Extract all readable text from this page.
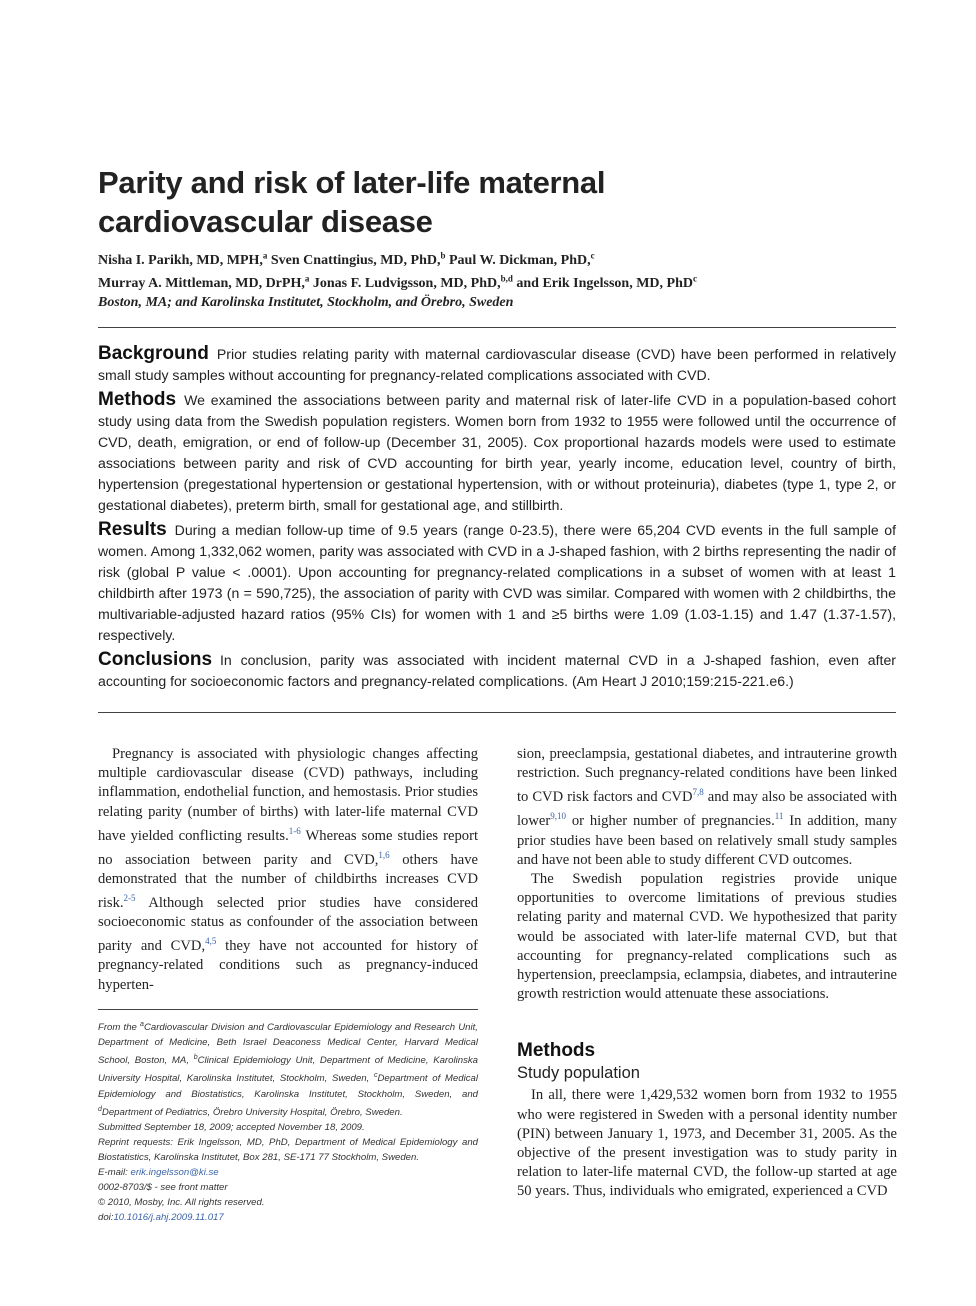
Parity and risk of later-life maternal cardiovascular disease
Nisha I. Parikh, MD, MPH,$^a$ Sven Cnattingius, MD, PhD,$^b$ Paul W. Dickman, PhD,$^c$
Murray A. Mittleman, MD, DrPH,$^a$ Jonas F. Ludvigsson, MD, PhD,$^{b,d}$ and Erik Ingelsson, MD, PhD$^c$
Boston, MA; and Karolinska Institutet, Stockholm, and Örebro, Sweden

Background Prior studies relating parity with maternal cardiovascular disease (CVD) have been performed in relatively small study samples without accounting for pregnancy-related complications associated with CVD.

Methods We examined the associations between parity and maternal risk of later-life CVD in a population-based cohort study using data from the Swedish population registers. Women born from 1932 to 1955 were followed until the occurrence of CVD, death, emigration, or end of follow-up (December 31, 2005). Cox proportional hazards models were used to estimate associations between parity and risk of CVD accounting for birth year, yearly income, education level, country of birth, hypertension (pregestational hypertension or gestational hypertension, with or without proteinuria), diabetes (type 1, type 2, or gestational diabetes), preterm birth, small for gestational age, and stillbirth.

Results During a median follow-up time of 9.5 years (range 0-23.5), there were 65,204 CVD events in the full sample of women. Among 1,332,062 women, parity was associated with CVD in a J-shaped fashion, with 2 births representing the nadir of risk (global P value < .0001). Upon accounting for pregnancy-related complications in a subset of women with at least 1 childbirth after 1973 (n = 590,725), the association of parity with CVD was similar. Compared with women with 2 childbirths, the multivariable-adjusted hazard ratios (95% CIs) for women with 1 and ≥5 births were 1.09 (1.03-1.15) and 1.47 (1.37-1.57), respectively.

Conclusions In conclusion, parity was associated with incident maternal CVD in a J-shaped fashion, even after accounting for socioeconomic factors and pregnancy-related complications. (Am Heart J 2010;159:215-221.e6.)

Pregnancy is associated with physiologic changes affecting multiple cardiovascular disease (CVD) pathways, including inflammation, endothelial function, and hemostasis. Prior studies relating parity (number of births) with later-life maternal CVD have yielded conflicting results.$^{1-6}$ Whereas some studies report no association between parity and CVD,$^{1,6}$ others have demonstrated that the number of childbirths increases CVD risk.$^{2-5}$ Although selected prior studies have considered socioeconomic status as confounder of the association between parity and CVD,$^{4,5}$ they have not accounted for history of pregnancy-related conditions such as pregnancy-induced hyperten-

sion, preeclampsia, gestational diabetes, and intrauterine growth restriction. Such pregnancy-related conditions have been linked to CVD risk factors and CVD$^{7,8}$ and may also be associated with lower$^{9,10}$ or higher number of pregnancies.$^{11}$ In addition, many prior studies have been based on relatively small study samples and have not been able to study different CVD outcomes.

The Swedish population registries provide unique opportunities to overcome limitations of previous studies relating parity and maternal CVD. We hypothesized that parity would be associated with later-life maternal CVD, but that accounting for pregnancy-related complications such as hypertension, preeclampsia, eclampsia, diabetes, and intrauterine growth restriction would attenuate these associations.

Methods
Study population

In all, there were 1,429,532 women born from 1932 to 1955 who were registered in Sweden with a personal identity number (PIN) between January 1, 1973, and December 31, 2005. As the objective of the present investigation was to study parity in relation to later-life maternal CVD, the follow-up started at age 50 years. Thus, individuals who emigrated, experienced a CVD

From the $^a$Cardiovascular Division and Cardiovascular Epidemiology and Research Unit, Department of Medicine, Beth Israel Deaconess Medical Center, Harvard Medical School, Boston, MA, $^b$Clinical Epidemiology Unit, Department of Medicine, Karolinska University Hospital, Karolinska Institutet, Stockholm, Sweden, $^c$Department of Medical Epidemiology and Biostatistics, Karolinska Institutet, Stockholm, Sweden, and $^d$Department of Pediatrics, Örebro University Hospital, Örebro, Sweden.
Submitted September 18, 2009; accepted November 18, 2009.
Reprint requests: Erik Ingelsson, MD, PhD, Department of Medical Epidemiology and Biostatistics, Karolinska Institutet, Box 281, SE-171 77 Stockholm, Sweden.
E-mail: erik.ingelsson@ki.se
0002-8703/$ - see front matter
© 2010, Mosby, Inc. All rights reserved.
doi:10.1016/j.ahj.2009.11.017
